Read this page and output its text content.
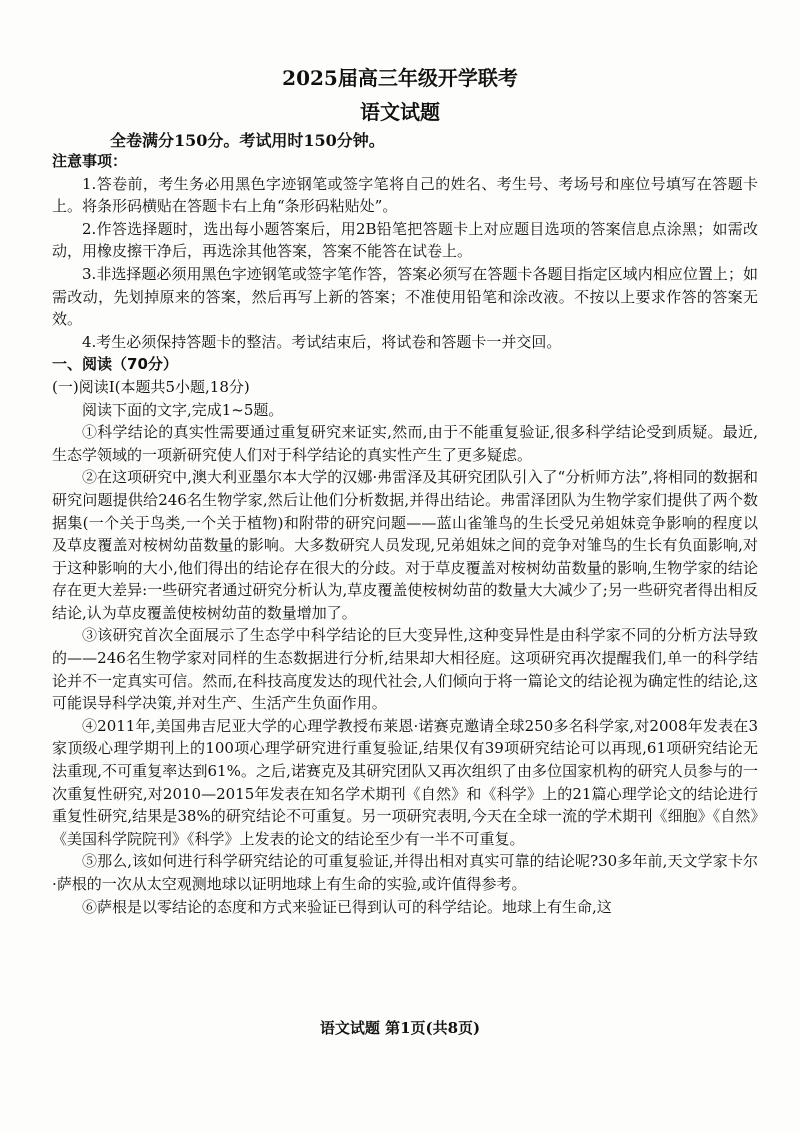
2025届高三年级开学联考
语文试题
全卷满分150分。考试用时150分钟。

注意事项：

1.答卷前，考生务必用黑色字迹钢笔或签字笔将自己的姓名、考生号、考场号和座位号填写在答题卡上。将条形码横贴在答题卡右上角“条形码粘贴处”。

2.作答选择题时，选出每小题答案后，用2B铅笔把答题卡上对应题目选项的答案信息点涂黑；如需改动，用橡皮擦干净后，再选涂其他答案，答案不能答在试卷上。

3.非选择题必须用黑色字迹钢笔或签字笔作答，答案必须写在答题卡各题目指定区域内相应位置上；如需改动，先划掉原来的答案，然后再写上新的答案；不准使用铅笔和涂改液。不按以上要求作答的答案无效。

4.考生必须保持答题卡的整洁。考试结束后，将试卷和答题卡一并交回。

一、阅读（70分）

(一)阅读Ⅰ(本题共5小题,18分)

阅读下面的文字,完成1~5题。

①科学结论的真实性需要通过重复研究来证实,然而,由于不能重复验证,很多科学结论受到质疑。最近,生态学领域的一项新研究使人们对于科学结论的真实性产生了更多疑虑。

②在这项研究中,澳大利亚墨尔本大学的汉娜·弗雷泽及其研究团队引入了“分析师方法”,将相同的数据和研究问题提供给246名生物学家,然后让他们分析数据,并得出结论。弗雷泽团队为生物学家们提供了两个数据集(一个关于鸟类,一个关于植物)和附带的研究问题——蓝山雀雏鸟的生长受兄弟姐妹竞争影响的程度以及草皮覆盖对桉树幼苗数量的影响。大多数研究人员发现,兄弟姐妹之间的竞争对雏鸟的生长有负面影响,对于这种影响的大小,他们得出的结论存在很大的分歧。对于草皮覆盖对桉树幼苗数量的影响,生物学家的结论存在更大差异:一些研究者通过研究分析认为,草皮覆盖使桉树幼苗的数量大大减少了;另一些研究者得出相反结论,认为草皮覆盖使桉树幼苗的数量增加了。

③该研究首次全面展示了生态学中科学结论的巨大变异性,这种变异性是由科学家不同的分析方法导致的——246名生物学家对同样的生态数据进行分析,结果却大相径庭。这项研究再次提醒我们,单一的科学结论并不一定真实可信。然而,在科技高度发达的现代社会,人们倾向于将一篇论文的结论视为确定性的结论,这可能误导科学决策,并对生产、生活产生负面作用。

④2011年,美国弗吉尼亚大学的心理学教授布莱恩·诺赛克邀请全球250多名科学家,对2008年发表在3家顶级心理学期刊上的100项心理学研究进行重复验证,结果仅有39项研究结论可以再现,61项研究结论无法重现,不可重复率达到61%。之后,诺赛克及其研究团队又再次组织了由多位国家机构的研究人员参与的一次重复性研究,对2010—2015年发表在知名学术期刊《自然》和《科学》上的21篇心理学论文的结论进行重复性研究,结果是38%的研究结论不可重复。另一项研究表明,今天在全球一流的学术期刊《细胞》《自然》《美国科学院院刊》《科学》上发表的论文的结论至少有一半不可重复。

⑤那么,该如何进行科学研究结论的可重复验证,并得出相对真实可靠的结论呢?30多年前,天文学家卡尔·萨根的一次从太空观测地球以证明地球上有生命的实验,或许值得参考。

⑥萨根是以零结论的态度和方式来验证已得到认可的科学结论。地球上有生命,这

语文试题 第1页(共8页)
